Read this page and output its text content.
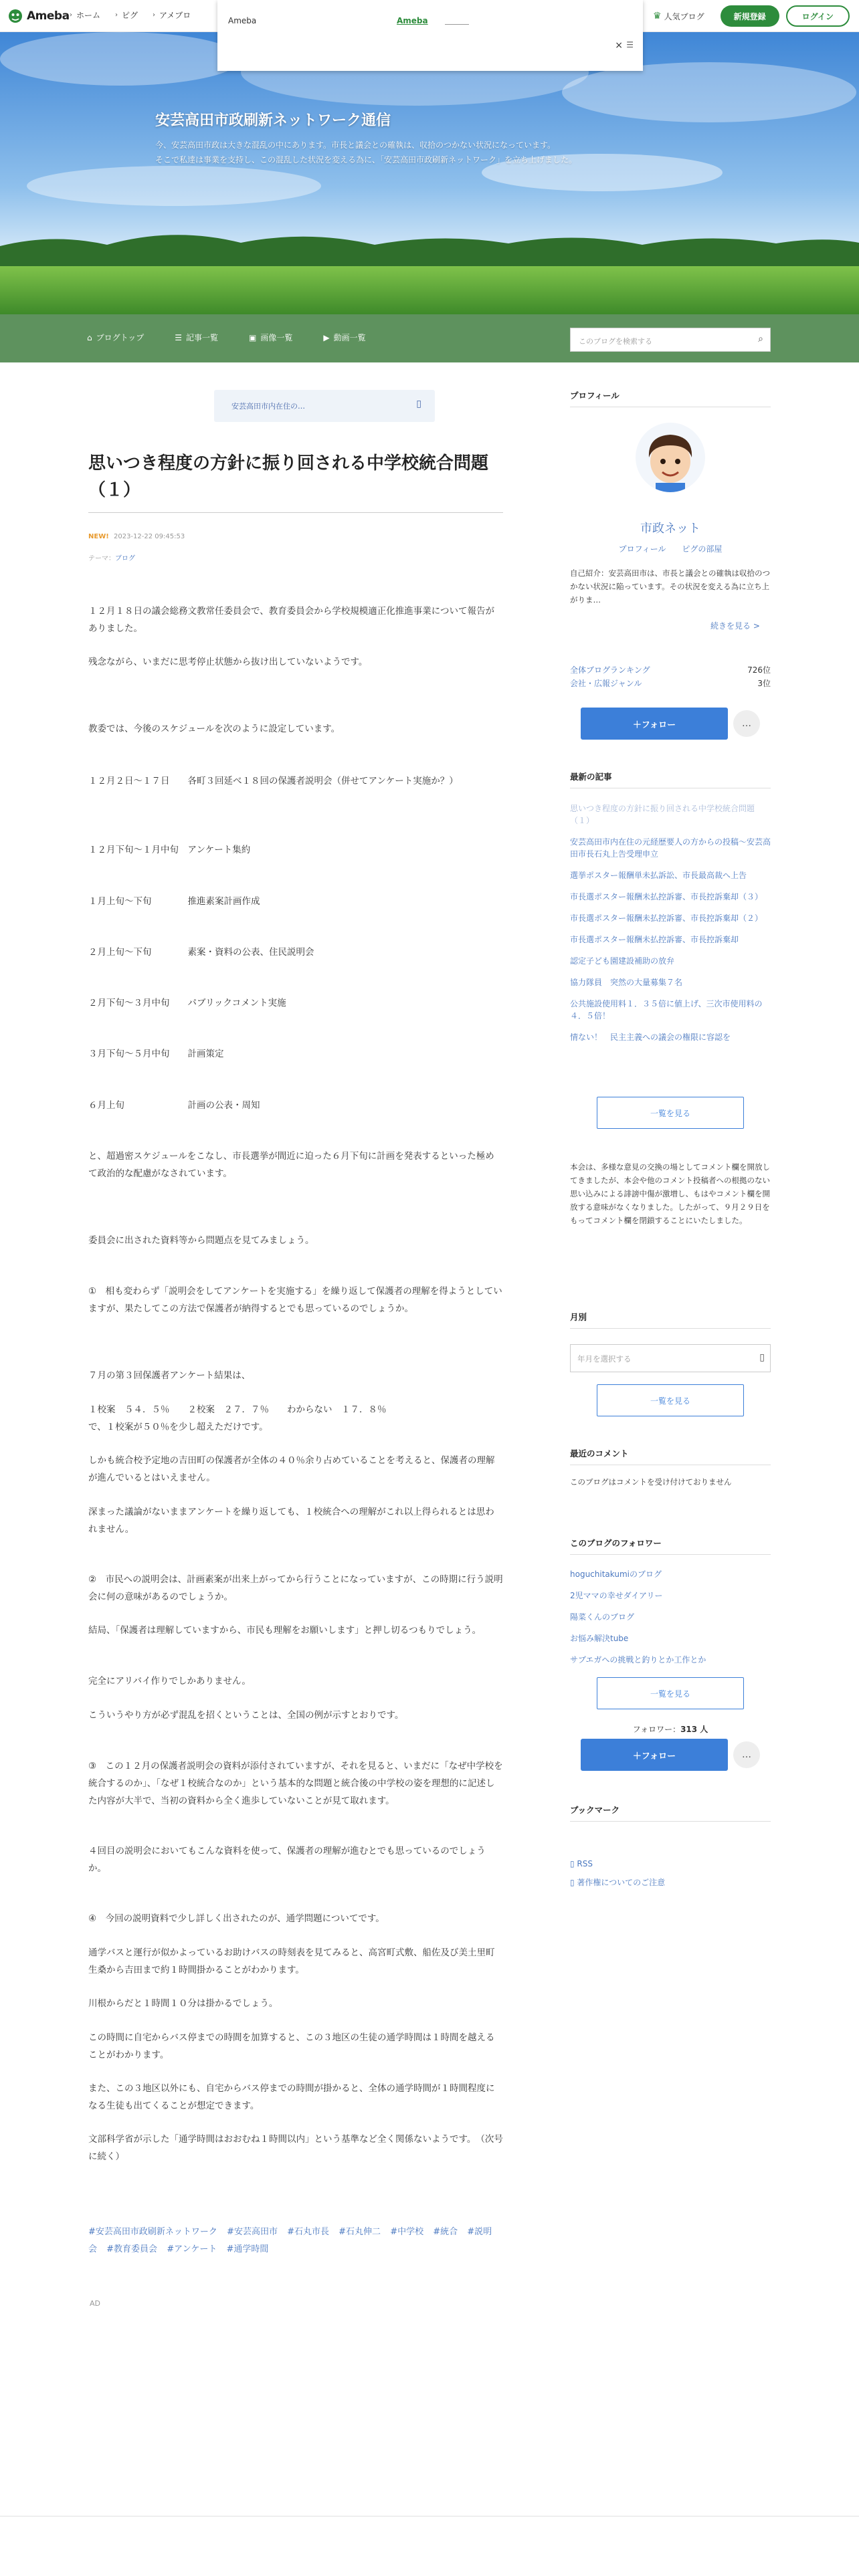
Ameba › ホーム › ピグ › アメブロ	♛ 人気ブログ	新規登録	ログイン
Ameba	Ameba
× ☰
安芸高田市政刷新ネットワーク通信
今、安芸高田市政は大きな混乱の中にあります。市長と議会との確執は、収拾のつかない状況になっています。
そこで私達は事業を支持し、この混乱した状況を変える為に、「安芸高田市政刷新ネットワーク」を立ち上げました。
⌂ ブログトップ	☰ 記事一覧	▣ 画像一覧	▶ 動画一覧	このブログを検索する	⌕
安芸高田市内在住の…	▯
思いつき程度の方針に振り回される中学校統合問題（１）
NEW! 2023-12-22 09:45:53
テーマ：ブログ
１２月１８日の議会総務文教常任委員会で、教育委員会から学校規模適正化推進事業について報告がありました。
残念ながら、いまだに思考停止状態から抜け出していないようです。
教委では、今後のスケジュールを次のように設定しています。
１２月２日〜１７日　　各町３回延べ１８回の保護者説明会（併せてアンケート実施か？）
１２月下旬〜１月中旬　アンケート集約
１月上旬〜下旬　　　　推進素案計画作成
２月上旬〜下旬　　　　素案・資料の公表、住民説明会
２月下旬〜３月中旬　　パブリックコメント実施
３月下旬〜５月中旬　　計画策定
６月上旬　　　　　　　計画の公表・周知
と、超過密スケジュールをこなし、市長選挙が間近に迫った６月下旬に計画を発表するといった極めて政治的な配慮がなされています。
委員会に出された資料等から問題点を見てみましょう。
①　相も変わらず「説明会をしてアンケートを実施する」を繰り返して保護者の理解を得ようとしていますが、果たしてこの方法で保護者が納得するとでも思っているのでしょうか。
７月の第３回保護者アンケート結果は、
１校案　５４．５％　　２校案　２７．７％　　わからない　１７．８％
で、１校案が５０％を少し超えただけです。
しかも統合校予定地の吉田町の保護者が全体の４０％余り占めていることを考えると、保護者の理解が進んでいるとはいえません。
深まった議論がないままアンケートを繰り返しても、１校統合への理解がこれ以上得られるとは思われません。
②　市民への説明会は、計画素案が出来上がってから行うことになっていますが、この時期に行う説明会に何の意味があるのでしょうか。
結局、「保護者は理解していますから、市民も理解をお願いします」と押し切るつもりでしょう。
完全にアリバイ作りでしかありません。
こういうやり方が必ず混乱を招くということは、全国の例が示すとおりです。
③　この１２月の保護者説明会の資料が添付されていますが、それを見ると、いまだに「なぜ中学校を統合するのか」、「なぜ１校統合なのか」という基本的な問題と統合後の中学校の姿を理想的に記述した内容が大半で、当初の資料から全く進歩していないことが見て取れます。
４回目の説明会においてもこんな資料を使って、保護者の理解が進むとでも思っているのでしょうか。
④　今回の説明資料で少し詳しく出されたのが、通学問題についてです。
通学バスと運行が似かよっているお助けバスの時刻表を見てみると、高宮町式敷、船佐及び美土里町生桑から吉田まで約１時間掛かることがわかります。
川根からだと１時間１０分は掛かるでしょう。
この時間に自宅からバス停までの時間を加算すると、この３地区の生徒の通学時間は１時間を越えることがわかります。
また、この３地区以外にも、自宅からバス停までの時間が掛かると、全体の通学時間が１時間程度になる生徒も出てくることが想定できます。
文部科学省が示した「通学時間はおおむね１時間以内」という基準など全く関係ないようです。　（次号に続く）
#安芸高田市政刷新ネットワーク #安芸高田市 #石丸市長 #石丸伸二 #中学校 #統合 #説明会 #教育委員会 #アンケート #通学時間
AD
プロフィール
市政ネット
プロフィール ピグの部屋
自己紹介：安芸高田市は、市長と議会との確執は収拾のつかない状況に陥っています。その状況を変える為に立ち上がりま…
続きを見る >
全体ブログランキング	726位
会社・広報ジャンル	3位
＋フォロー	…
最新の記事
思いつき程度の方針に振り回される中学校統合問題（１）
安芸高田市内在住の元経歴要人の方からの投稿〜安芸高田市長石丸上告受理申立
選挙ポスター報酬単未払訴訟、市長最高裁へ上告
市長選ポスター報酬未払控訴審、市長控訴棄却（３）
市長選ポスター報酬未払控訴審、市長控訴棄却（２）
市長選ポスター報酬未払控訴審、市長控訴棄却
認定子ども園建設補助の放弁
協力隊員　突然の大量募集７名
公共施設使用料１．３５倍に値上げ、三次市使用料の４．５倍！
情ない！　民主主義への議会の権限に容認を
一覧を見る
本会は、多様な意見の交換の場としてコメント欄を開放してきましたが、本会や他のコメント投稿者への根拠のない思い込みによる誹謗中傷が激増し、もはやコメント欄を開放する意味がなくなりました。したがって、９月２９日をもってコメント欄を閉鎖することにいたしました。
月別
年月を選択する	▯
一覧を見る
最近のコメント
このブログはコメントを受け付けておりません
このブログのフォロワー
hoguchitakumiのブログ
2児ママの幸せダイアリー
陽菜くんのブログ
お悩み解決tube
サブエガへの挑戦と釣りとか工作とか
一覧を見る
フォロワー：313 人
＋フォロー	…
ブックマーク
▯ RSS
▯ 著作権についてのご注意
